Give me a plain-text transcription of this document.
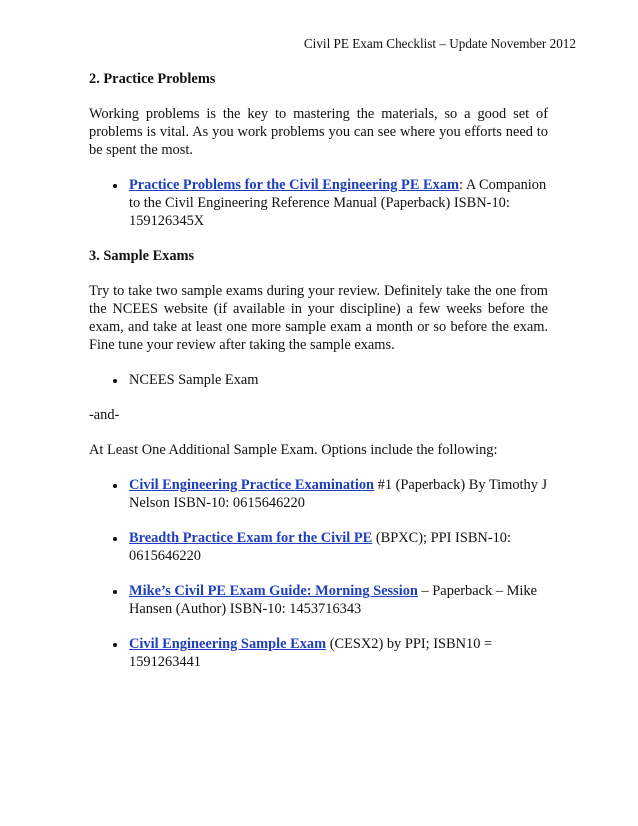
Civil PE Exam Checklist – Update November 2012

2. Practice Problems

Working problems is the key to mastering the materials, so a good set of problems is vital. As you work problems you can see where you efforts need to be spent the most.

Practice Problems for the Civil Engineering PE Exam: A Companion to the Civil Engineering Reference Manual (Paperback) ISBN-10: 159126345X

3. Sample Exams

Try to take two sample exams during your review. Definitely take the one from the NCEES website (if available in your discipline) a few weeks before the exam, and take at least one more sample exam a month or so before the exam. Fine tune your review after taking the sample exams.

NCEES Sample Exam

-and-

At Least One Additional Sample Exam. Options include the following:

Civil Engineering Practice Examination #1 (Paperback) By Timothy J Nelson ISBN-10: 0615646220
Breadth Practice Exam for the Civil PE (BPXC); PPI ISBN-10: 0615646220
Mike’s Civil PE Exam Guide: Morning Session – Paperback – Mike Hansen (Author) ISBN-10: 1453716343
Civil Engineering Sample Exam (CESX2) by PPI; ISBN10 = 1591263441
